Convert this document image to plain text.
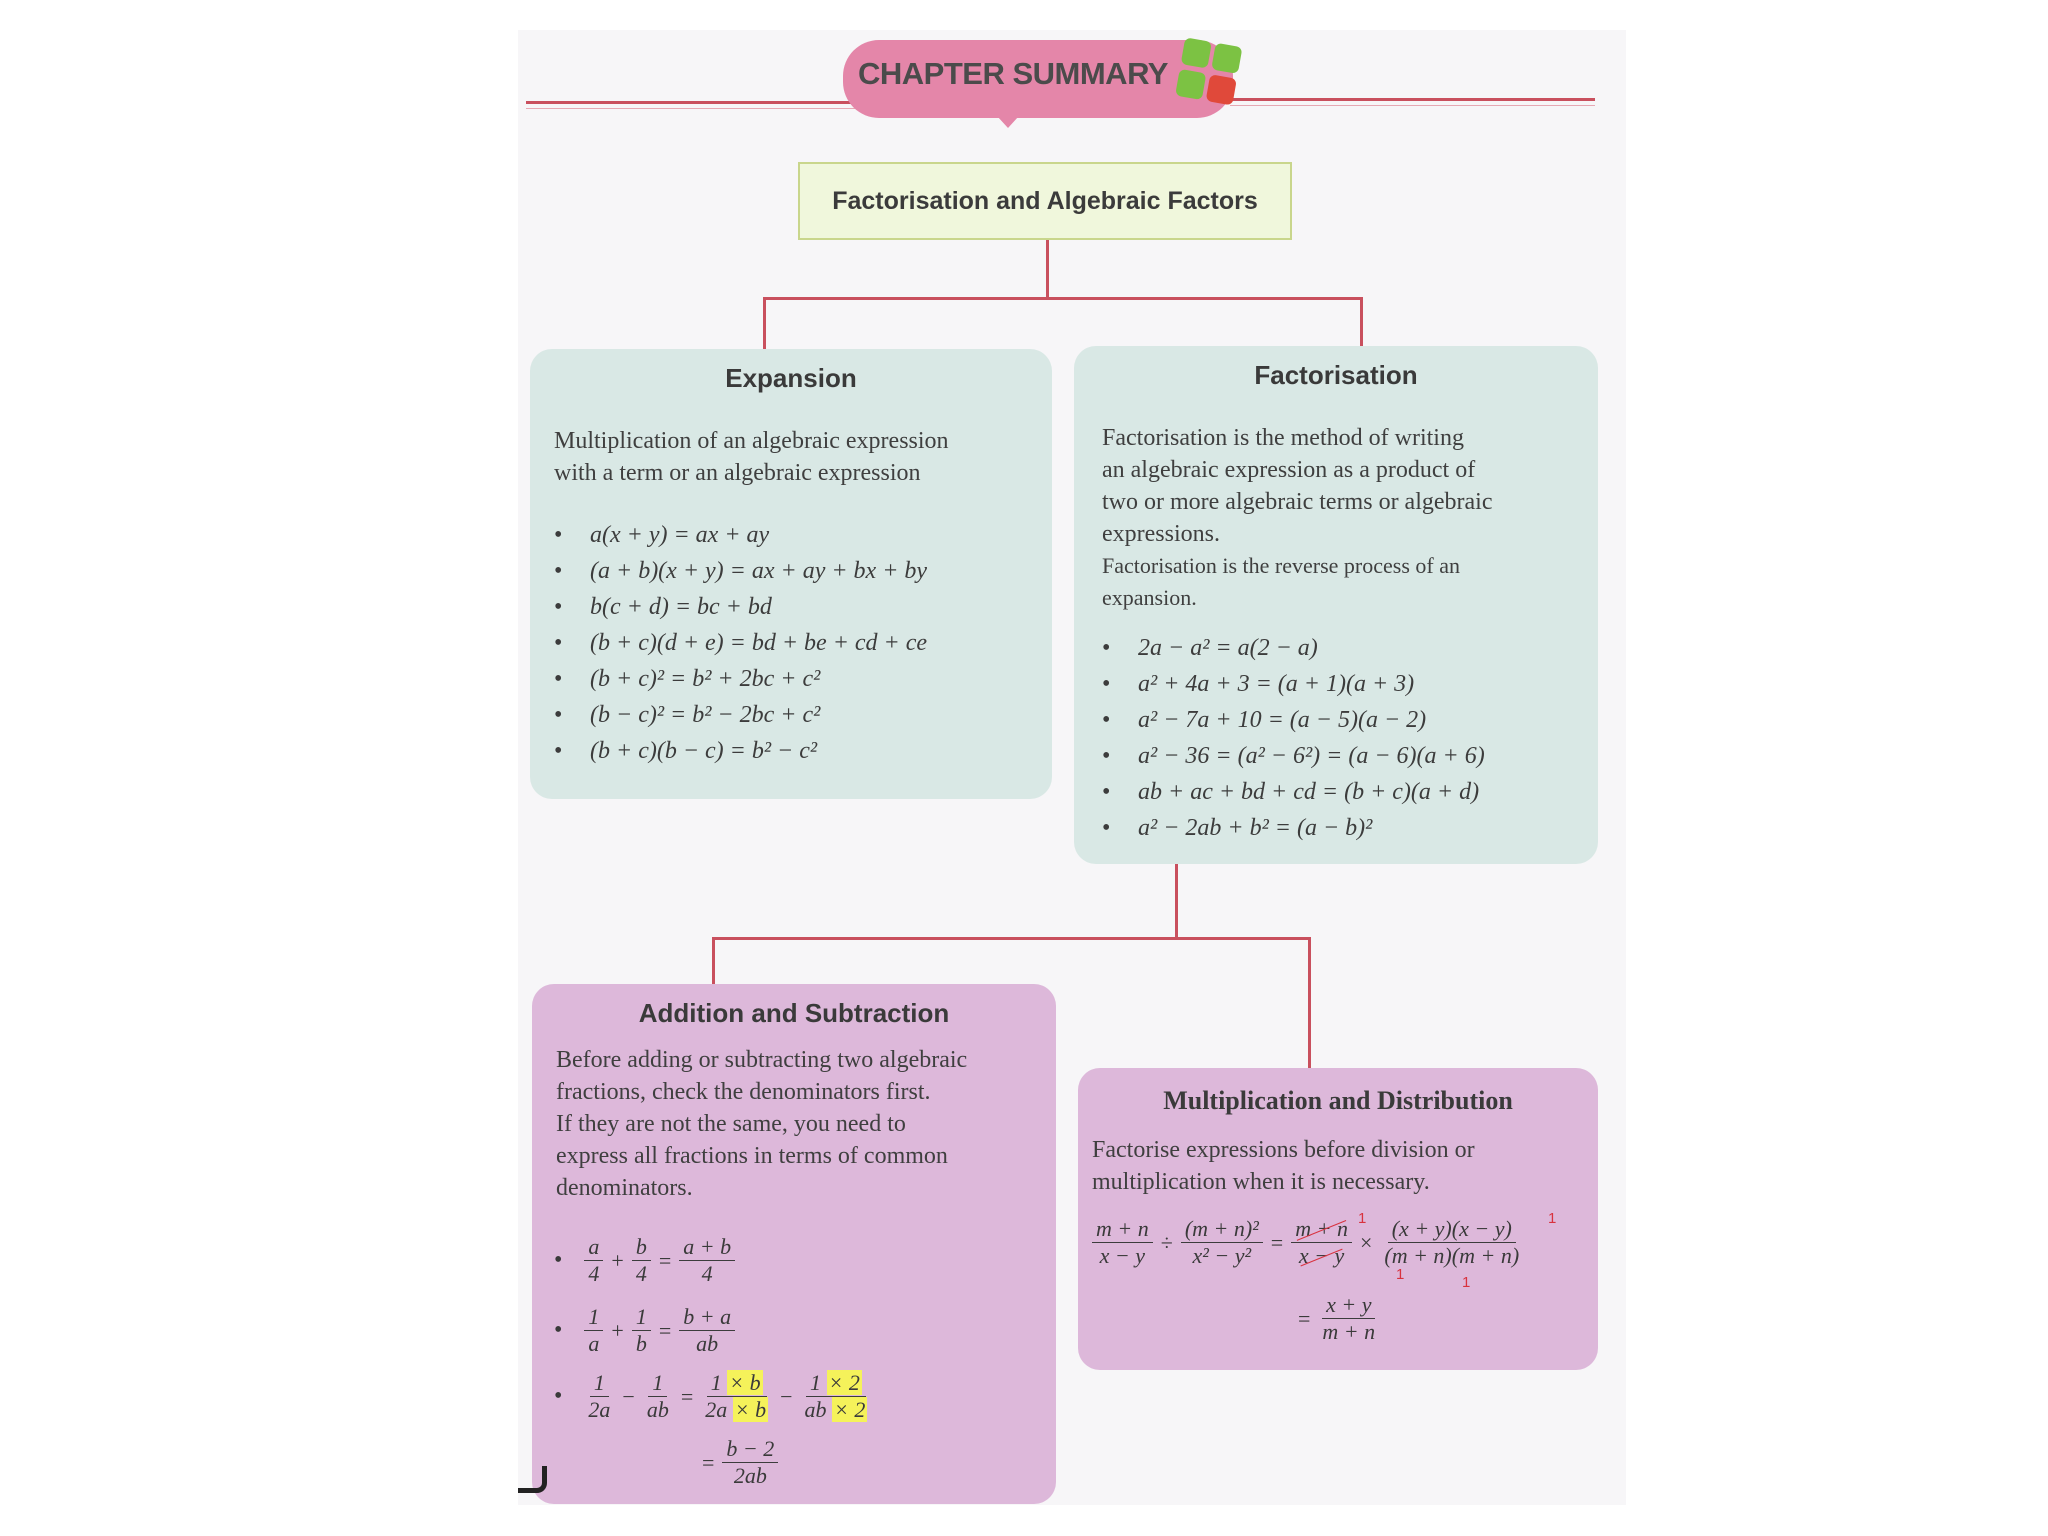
CHAPTER SUMMARY
Factorisation and Algebraic Factors
Expansion

Multiplication of an algebraic expression

with a term or an algebraic expression

• a(x + y) = ax + ay
• (a + b)(x + y) = ax + ay + bx + by
• b(c + d) = bc + bd
• (b + c)(d + e) = bd + be + cd + ce
• (b + c)² = b² + 2bc + c²
• (b − c)² = b² − 2bc + c²
• (b + c)(b − c) = b² − c²
Factorisation

Factorisation is the method of writing

an algebraic expression as a product of

two or more algebraic terms or algebraic

expressions.

Factorisation is the reverse process of an

expansion.

• 2a − a² = a(2 − a)
• a² + 4a + 3 = (a + 1)(a + 3)
• a² − 7a + 10 = (a − 5)(a − 2)
• a² − 36 = (a² − 6²) = (a − 6)(a + 6)
• ab + ac + bd + cd = (b + c)(a + d)
• a² − 2ab + b² = (a − b)²
Addition and Subtraction

Before adding or subtracting two algebraic

fractions, check the denominators first.

If they are not the same, you need to

express all fractions in terms of common

denominators.

• $\frac{a}{4} + \frac{b}{4} = \frac{a + b}{4}$
• $\frac{1}{a} + \frac{1}{b} = \frac{b + a}{ab}$
• $\frac{1}{2a} - \frac{1}{ab} = \frac{1 \times b}{2a \times b} - \frac{1 \times 2}{ab \times 2}$
= $\frac{b - 2}{2ab}$
Multiplication and Distribution

Factorise expressions before division or

multiplication when it is necessary.

$\frac{m + n}{x - y} \div \frac{\text{(m + n)²}}{\text{x² − y²}} = \frac{m + n}{x - y} \times \frac{(x + y)(x - y)}{(m + n)(m + n)}$
1
1
1
1
= $\frac{x + y}{m + n}$
